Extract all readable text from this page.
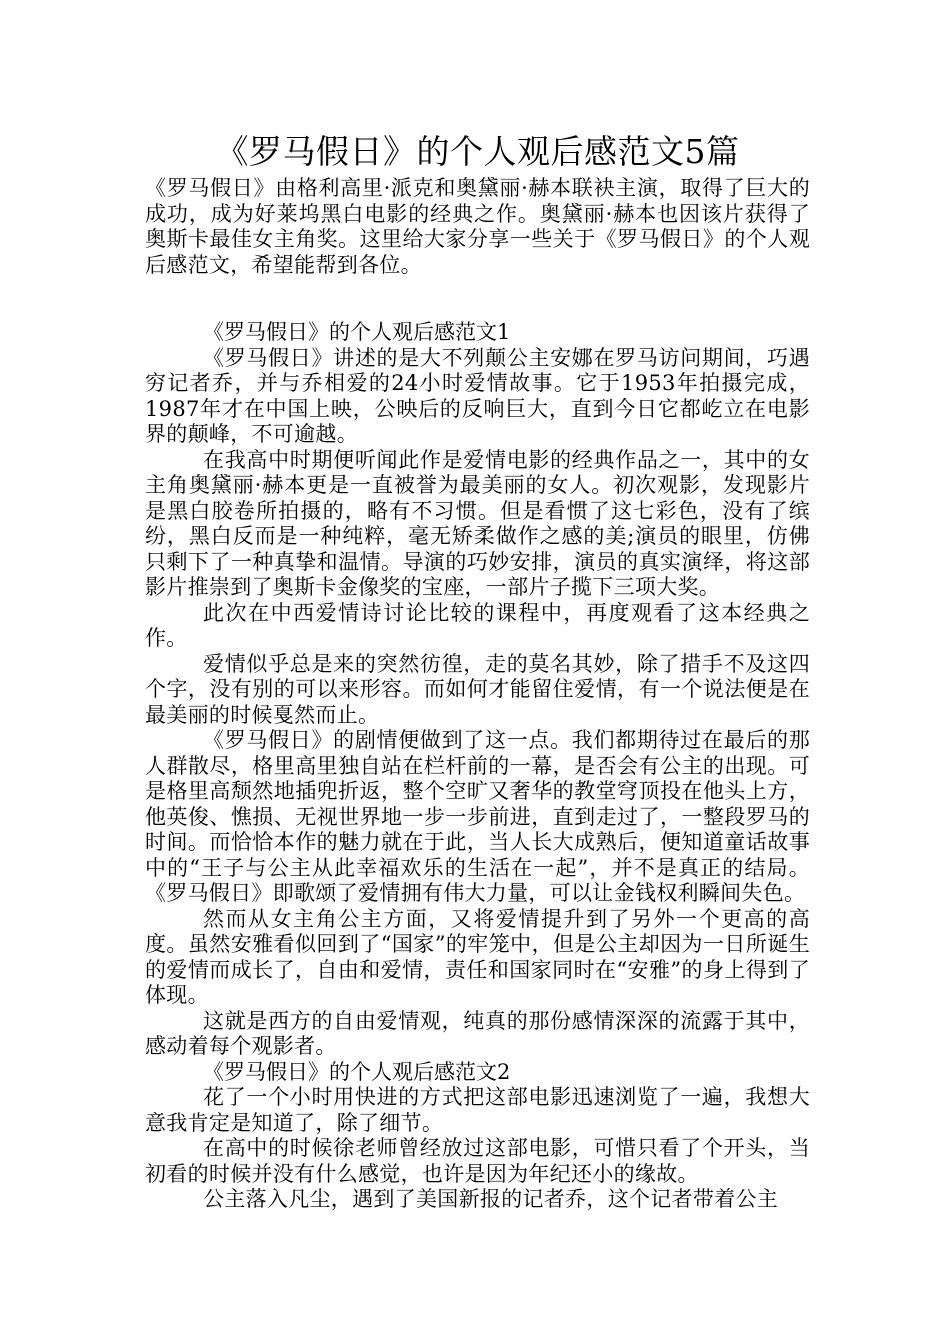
《罗马假日》的个人观后感范文5篇

《罗马假日》由格利高里·派克和奥黛丽·赫本联袂主演，取得了巨大的成功，成为好莱坞黑白电影的经典之作。奥黛丽·赫本也因该片获得了奥斯卡最佳女主角奖。这里给大家分享一些关于《罗马假日》的个人观后感范文，希望能帮到各位。

《罗马假日》的个人观后感范文1

《罗马假日》讲述的是大不列颠公主安娜在罗马访问期间，巧遇穷记者乔，并与乔相爱的24小时爱情故事。它于1953年拍摄完成，1987年才在中国上映，公映后的反响巨大，直到今日它都屹立在电影界的颠峰，不可逾越。

在我高中时期便听闻此作是爱情电影的经典作品之一，其中的女主角奥黛丽·赫本更是一直被誉为最美丽的女人。初次观影，发现影片是黑白胶卷所拍摄的，略有不习惯。但是看惯了这七彩色，没有了缤纷，黑白反而是一种纯粹，毫无矫柔做作之感的美;演员的眼里，仿佛只剩下了一种真挚和温情。导演的巧妙安排，演员的真实演绎，将这部影片推崇到了奥斯卡金像奖的宝座，一部片子揽下三项大奖。

此次在中西爱情诗讨论比较的课程中，再度观看了这本经典之作。

爱情似乎总是来的突然彷徨，走的莫名其妙，除了措手不及这四个字，没有别的可以来形容。而如何才能留住爱情，有一个说法便是在最美丽的时候戛然而止。

《罗马假日》的剧情便做到了这一点。我们都期待过在最后的那人群散尽，格里高里独自站在栏杆前的一幕，是否会有公主的出现。可是格里高颓然地插兜折返，整个空旷又奢华的教堂穹顶投在他头上方，他英俊、憔损、无视世界地一步一步前进，直到走过了，一整段罗马的时间。而恰恰本作的魅力就在于此，当人长大成熟后，便知道童话故事中的“王子与公主从此幸福欢乐的生活在一起”，并不是真正的结局。《罗马假日》即歌颂了爱情拥有伟大力量，可以让金钱权利瞬间失色。

然而从女主角公主方面，又将爱情提升到了另外一个更高的高度。虽然安雅看似回到了“国家”的牢笼中，但是公主却因为一日所诞生的爱情而成长了，自由和爱情，责任和国家同时在“安雅”的身上得到了体现。

这就是西方的自由爱情观，纯真的那份感情深深的流露于其中，感动着每个观影者。

《罗马假日》的个人观后感范文2

花了一个小时用快进的方式把这部电影迅速浏览了一遍，我想大意我肯定是知道了，除了细节。

在高中的时候徐老师曾经放过这部电影，可惜只看了个开头，当初看的时候并没有什么感觉，也许是因为年纪还小的缘故。

公主落入凡尘，遇到了美国新报的记者乔，这个记者带着公主
